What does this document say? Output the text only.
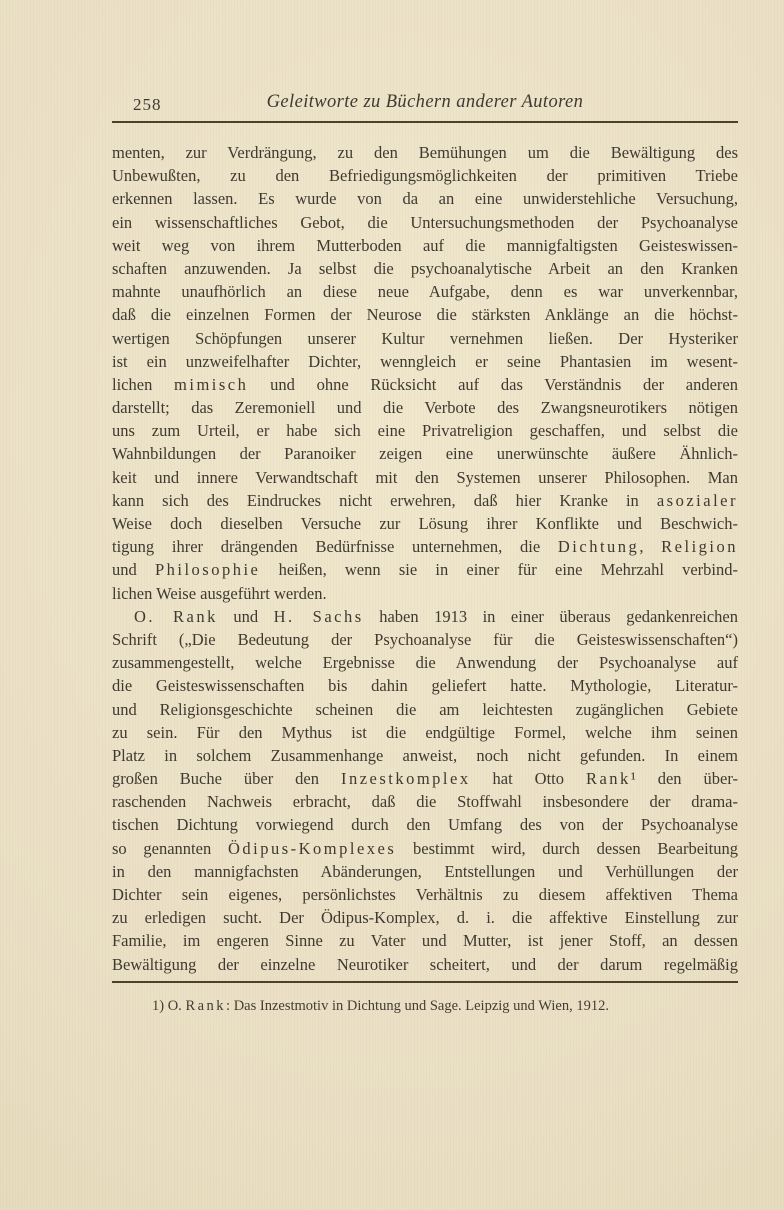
258	Geleitworte zu Büchern anderer Autoren
menten, zur Verdrängung, zu den Bemühungen um die Bewältigung des
Unbewußten, zu den Befriedigungsmöglichkeiten der primitiven Triebe
erkennen lassen. Es wurde von da an eine unwiderstehliche Versuchung,
ein wissenschaftliches Gebot, die Untersuchungsmethoden der Psychoanalyse
weit weg von ihrem Mutterboden auf die mannigfaltigsten Geisteswissen-
schaften anzuwenden. Ja selbst die psychoanalytische Arbeit an den Kranken
mahnte unaufhörlich an diese neue Aufgabe, denn es war unverkennbar,
daß die einzelnen Formen der Neurose die stärksten Anklänge an die höchst-
wertigen Schöpfungen unserer Kultur vernehmen ließen. Der Hysteriker
ist ein unzweifelhafter Dichter, wenngleich er seine Phantasien im wesent-
lichen mimisch und ohne Rücksicht auf das Verständnis der anderen
darstellt; das Zeremoniell und die Verbote des Zwangsneurotikers nötigen
uns zum Urteil, er habe sich eine Privatreligion geschaffen, und selbst die
Wahnbildungen der Paranoiker zeigen eine unerwünschte äußere Ähnlich-
keit und innere Verwandtschaft mit den Systemen unserer Philosophen. Man
kann sich des Eindruckes nicht erwehren, daß hier Kranke in asozialer
Weise doch dieselben Versuche zur Lösung ihrer Konflikte und Beschwich-
tigung ihrer drängenden Bedürfnisse unternehmen, die Dichtung, Religion
und Philosophie heißen, wenn sie in einer für eine Mehrzahl verbind-
lichen Weise ausgeführt werden.
O. Rank und H. Sachs haben 1913 in einer überaus gedankenreichen
Schrift („Die Bedeutung der Psychoanalyse für die Geisteswissenschaften“)
zusammengestellt, welche Ergebnisse die Anwendung der Psychoanalyse auf
die Geisteswissenschaften bis dahin geliefert hatte. Mythologie, Literatur-
und Religionsgeschichte scheinen die am leichtesten zugänglichen Gebiete
zu sein. Für den Mythus ist die endgültige Formel, welche ihm seinen
Platz in solchem Zusammenhange anweist, noch nicht gefunden. In einem
großen Buche über den Inzestkomplex hat Otto Rank¹ den über-
raschenden Nachweis erbracht, daß die Stoffwahl insbesondere der drama-
tischen Dichtung vorwiegend durch den Umfang des von der Psychoanalyse
so genannten Ödipus-Komplexes bestimmt wird, durch dessen Bearbeitung
in den mannigfachsten Abänderungen, Entstellungen und Verhüllungen der
Dichter sein eigenes, persönlichstes Verhältnis zu diesem affektiven Thema
zu erledigen sucht. Der Ödipus-Komplex, d. i. die affektive Einstellung zur
Familie, im engeren Sinne zu Vater und Mutter, ist jener Stoff, an dessen
Bewältigung der einzelne Neurotiker scheitert, und der darum regelmäßig
1) O. Rank: Das Inzestmotiv in Dichtung und Sage. Leipzig und Wien, 1912.
